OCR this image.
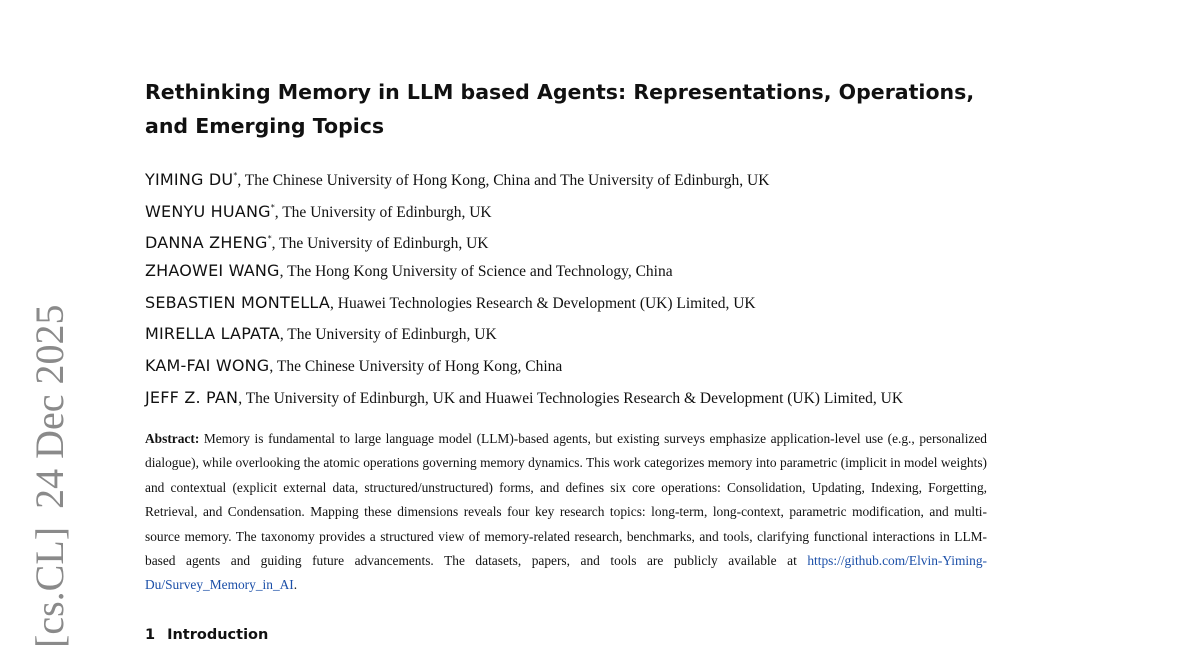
[cs.CL]24 Dec 2025
Rethinking Memory in LLM based Agents: Representations, Operations, and Emerging Topics
YIMING DU*, The Chinese University of Hong Kong, China and The University of Edinburgh, UK
WENYU HUANG*, The University of Edinburgh, UK
DANNA ZHENG*, The University of Edinburgh, UK
ZHAOWEI WANG, The Hong Kong University of Science and Technology, China
SEBASTIEN MONTELLA, Huawei Technologies Research & Development (UK) Limited, UK
MIRELLA LAPATA, The University of Edinburgh, UK
KAM-FAI WONG, The Chinese University of Hong Kong, China
JEFF Z. PAN, The University of Edinburgh, UK and Huawei Technologies Research & Development (UK) Limited, UK

Abstract: Memory is fundamental to large language model (LLM)-based agents, but existing surveys emphasize application-level use (e.g., personalized dialogue), while overlooking the atomic operations governing memory dynamics. This work categorizes memory into parametric (implicit in model weights) and contextual (explicit external data, structured/unstructured) forms, and defines six core operations: Consolidation, Updating, Indexing, Forgetting, Retrieval, and Condensation. Mapping these dimensions reveals four key research topics: long-term, long-context, parametric modification, and multi-source memory. The taxonomy provides a structured view of memory-related research, benchmarks, and tools, clarifying functional interactions in LLM-based agents and guiding future advancements. The datasets, papers, and tools are publicly available at https://github.com/Elvin-Yiming-Du/Survey_Memory_in_AI.

1 Introduction
